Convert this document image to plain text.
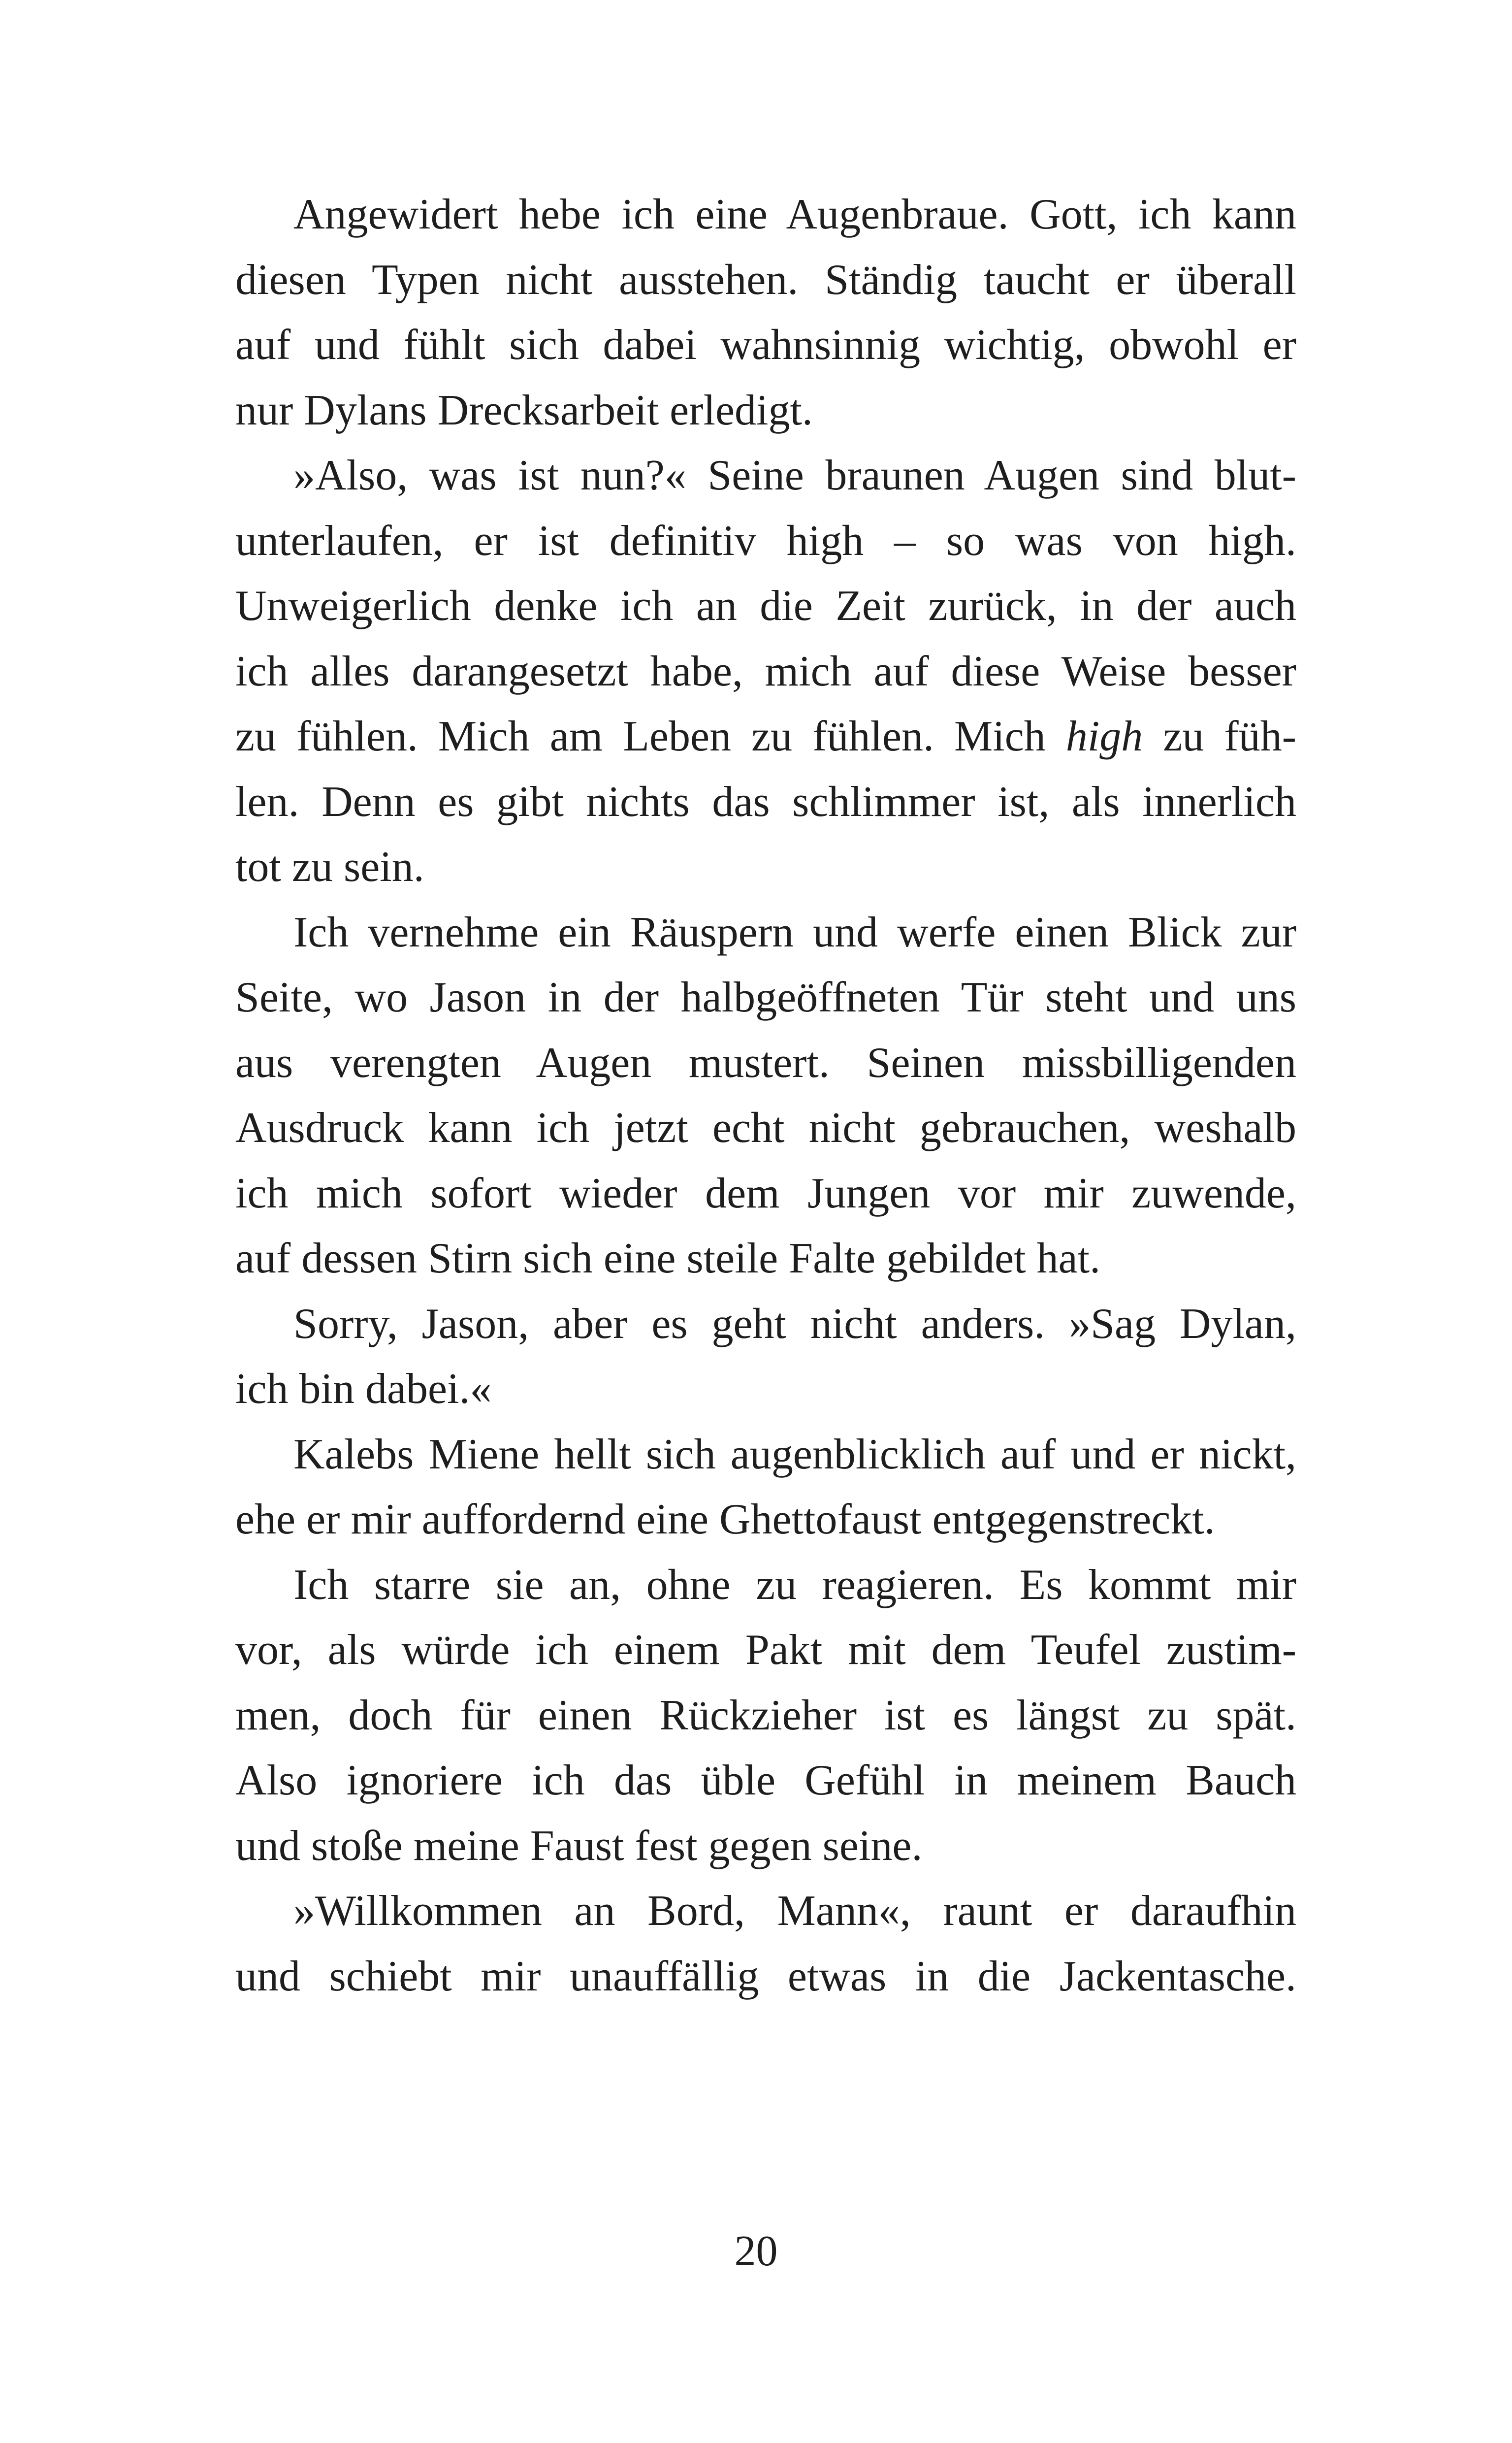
Angewidert hebe ich eine Augenbraue. Gott, ich kann
diesen Typen nicht ausstehen. Ständig taucht er überall
auf und fühlt sich dabei wahnsinnig wichtig, obwohl er
nur Dylans Drecksarbeit erledigt.

»Also, was ist nun?« Seine braunen Augen sind blut-
unterlaufen, er ist definitiv high – so was von high.
Unweigerlich denke ich an die Zeit zurück, in der auch
ich alles darangesetzt habe, mich auf diese Weise besser
zu fühlen. Mich am Leben zu fühlen. Mich high zu füh-
len. Denn es gibt nichts das schlimmer ist, als innerlich
tot zu sein.

Ich vernehme ein Räuspern und werfe einen Blick zur
Seite, wo Jason in der halbgeöffneten Tür steht und uns
aus verengten Augen mustert. Seinen missbilligenden
Ausdruck kann ich jetzt echt nicht gebrauchen, weshalb
ich mich sofort wieder dem Jungen vor mir zuwende,
auf dessen Stirn sich eine steile Falte gebildet hat.

Sorry, Jason, aber es geht nicht anders. »Sag Dylan,
ich bin dabei.«

Kalebs Miene hellt sich augenblicklich auf und er nickt,
ehe er mir auffordernd eine Ghettofaust entgegenstreckt.

Ich starre sie an, ohne zu reagieren. Es kommt mir
vor, als würde ich einem Pakt mit dem Teufel zustim-
men, doch für einen Rückzieher ist es längst zu spät.
Also ignoriere ich das üble Gefühl in meinem Bauch
und stoße meine Faust fest gegen seine.

»Willkommen an Bord, Mann«, raunt er daraufhin
und schiebt mir unauffällig etwas in die Jackentasche.

20
